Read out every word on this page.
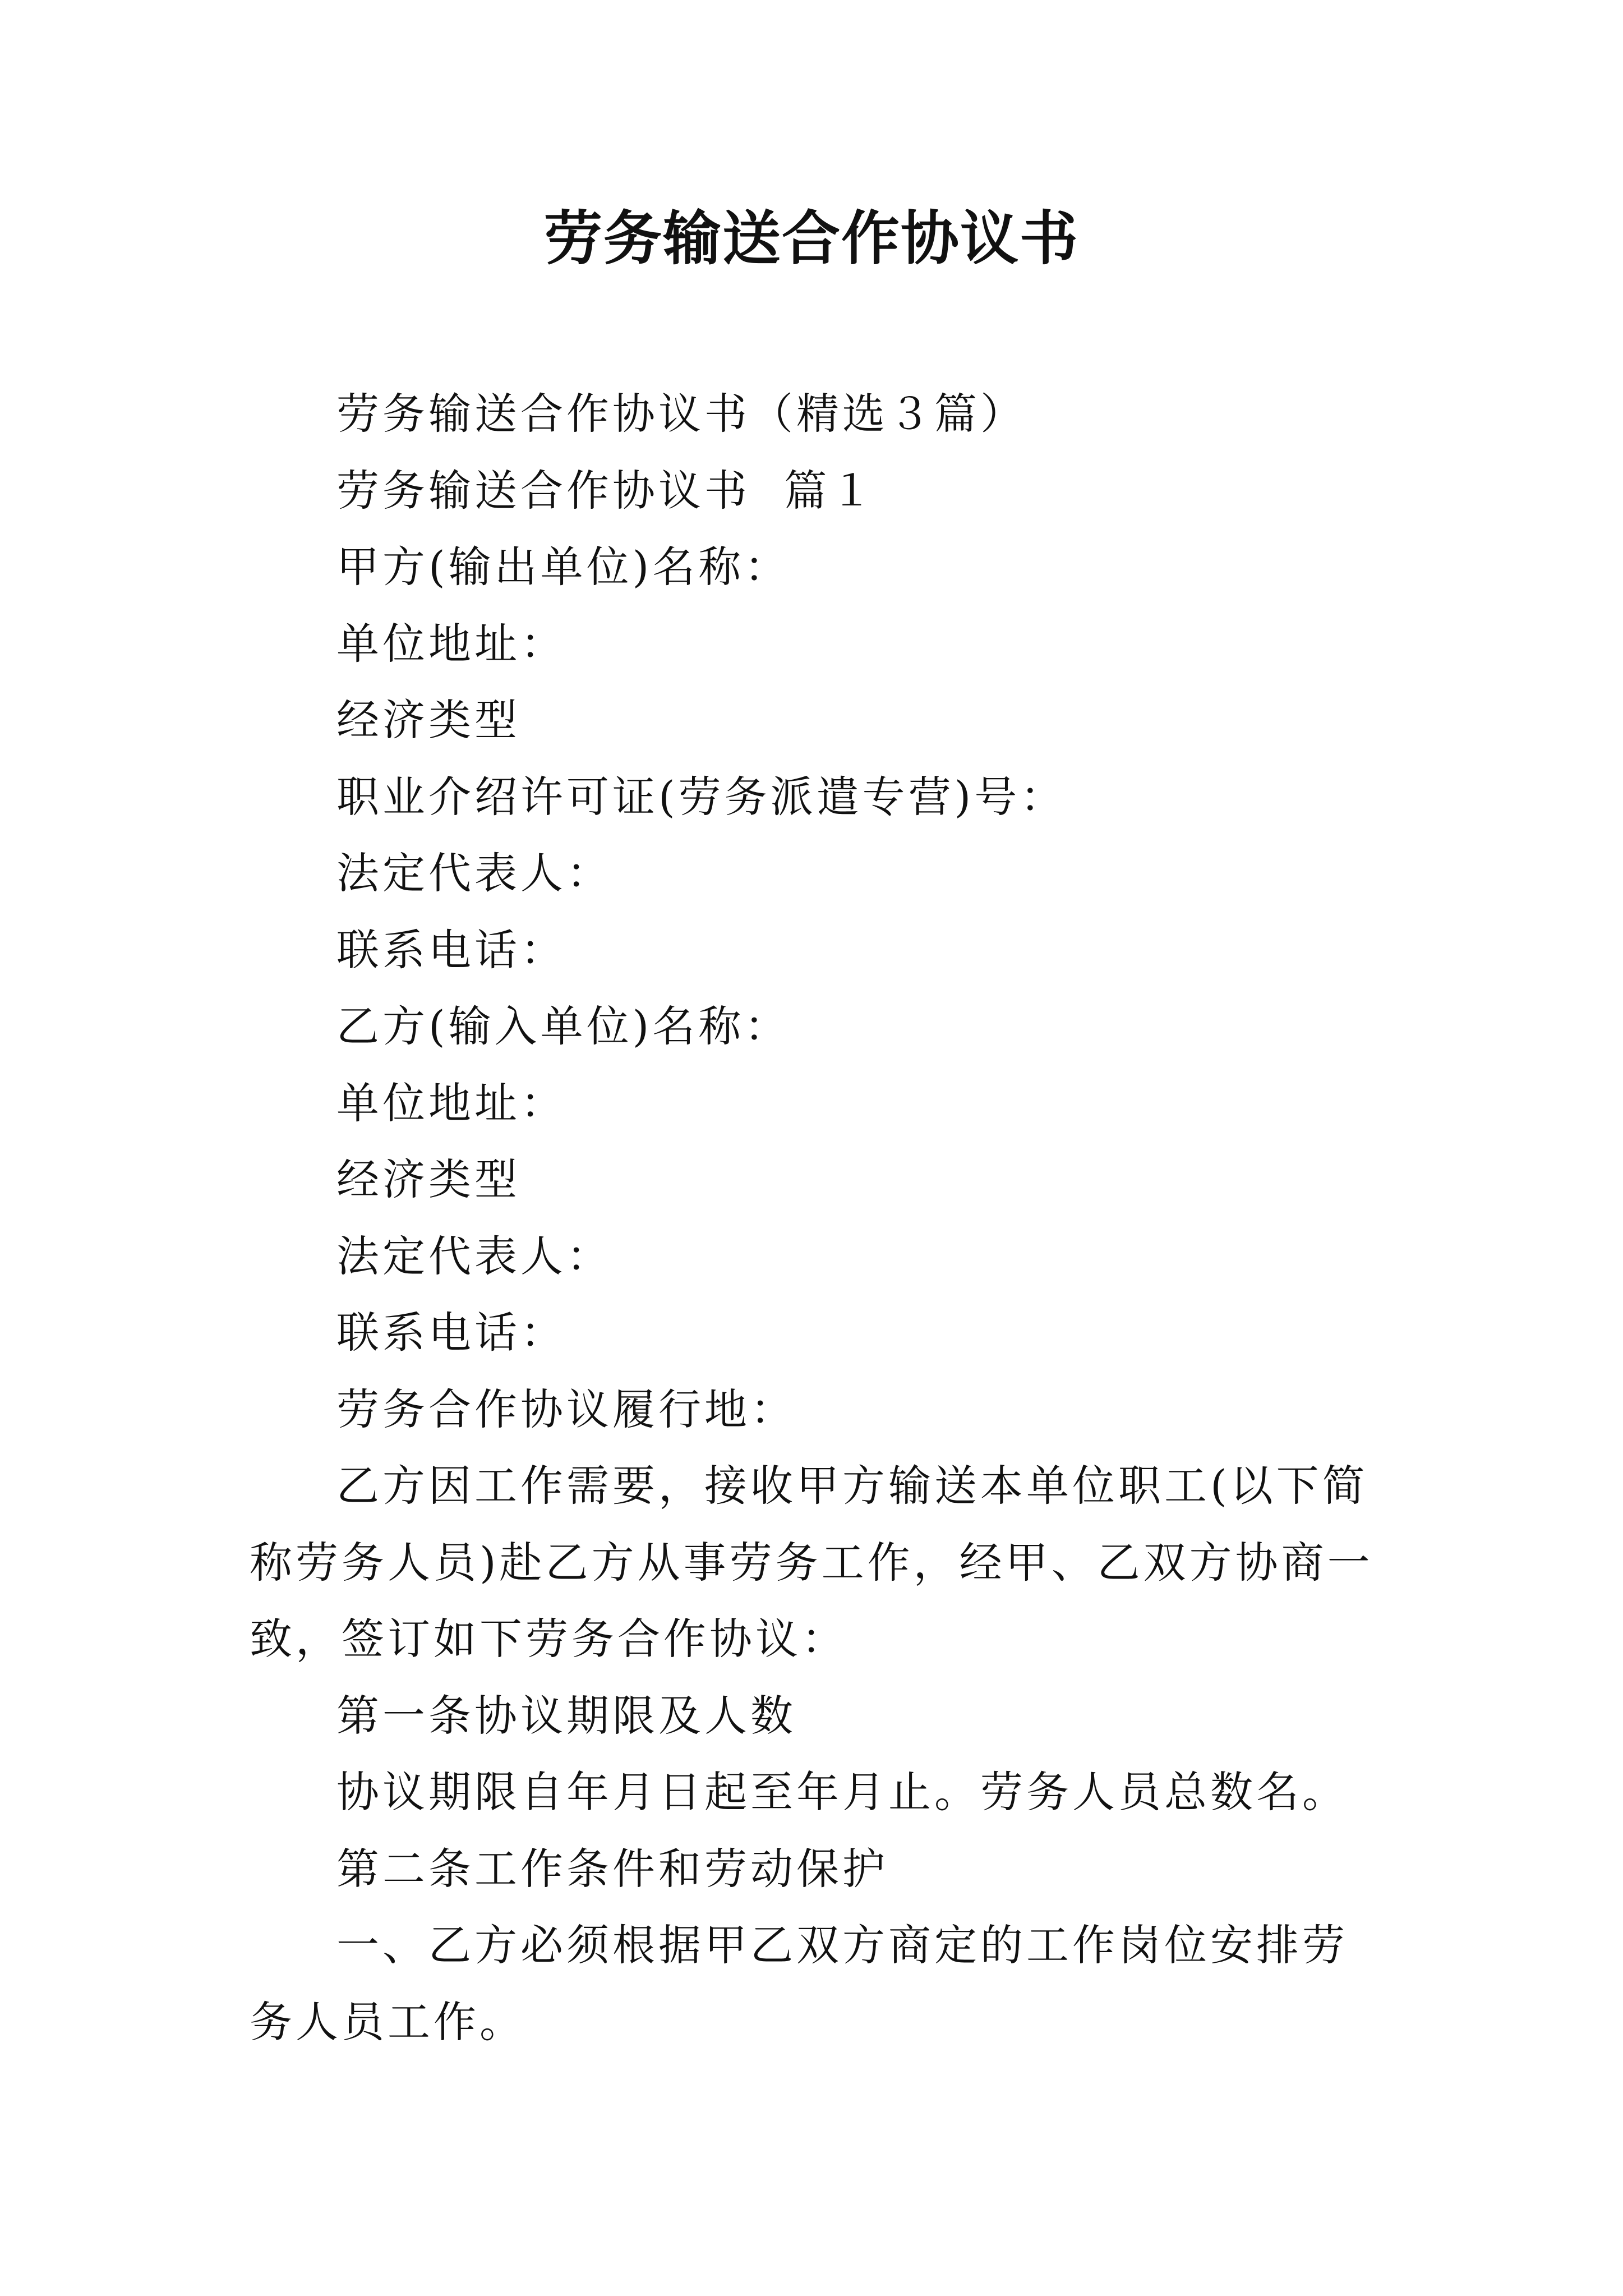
劳务输送合作协议书

劳务输送合作协议书（精选３篇）

劳务输送合作协议书  篇１

甲方(输出单位)名称：

单位地址：

经济类型

职业介绍许可证(劳务派遣专营)号：

法定代表人：

联系电话：

乙方(输入单位)名称：

单位地址：

经济类型

法定代表人：

联系电话：

劳务合作协议履行地：

乙方因工作需要，接收甲方输送本单位职工(以下简称劳务人员)赴乙方从事劳务工作，经甲、乙双方协商一致，签订如下劳务合作协议：

第一条协议期限及人数

协议期限自年月日起至年月止。劳务人员总数名。

第二条工作条件和劳动保护

一、乙方必须根据甲乙双方商定的工作岗位安排劳务人员工作。
